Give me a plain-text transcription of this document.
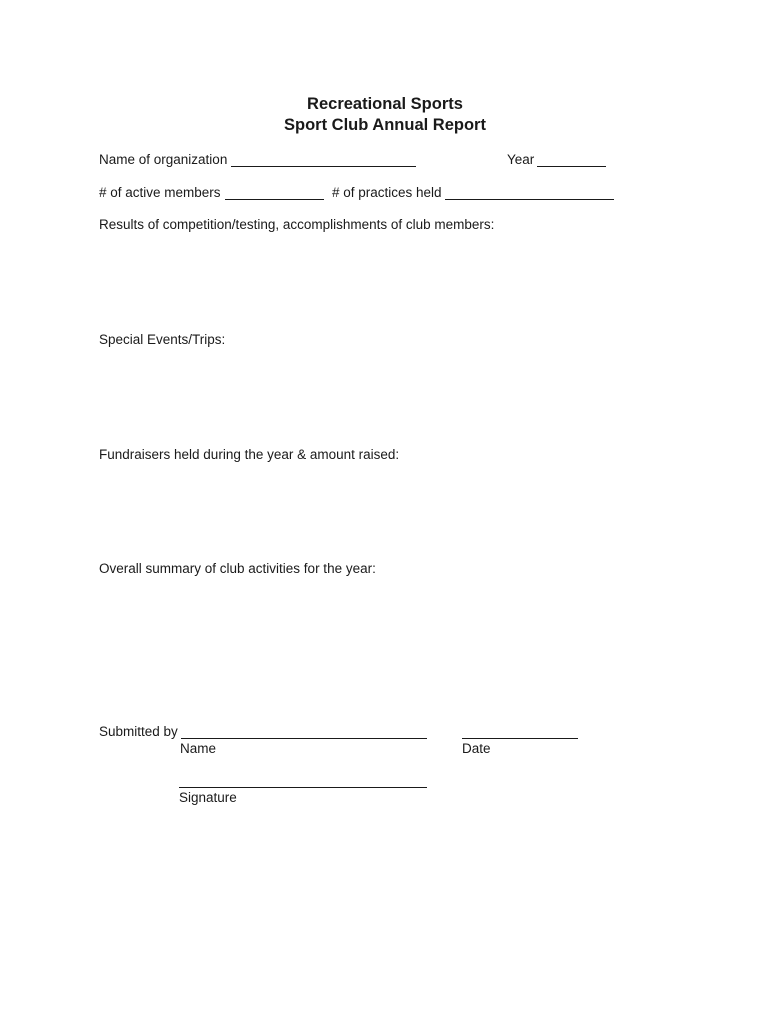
Recreational Sports
Sport Club Annual Report
Name of organization	Year
# of active members	# of practices held
Results of competition/testing, accomplishments of club members:
Special Events/Trips:
Fundraisers held during the year & amount raised:
Overall summary of club activities for the year:
Submitted by
Name	Date
Signature
